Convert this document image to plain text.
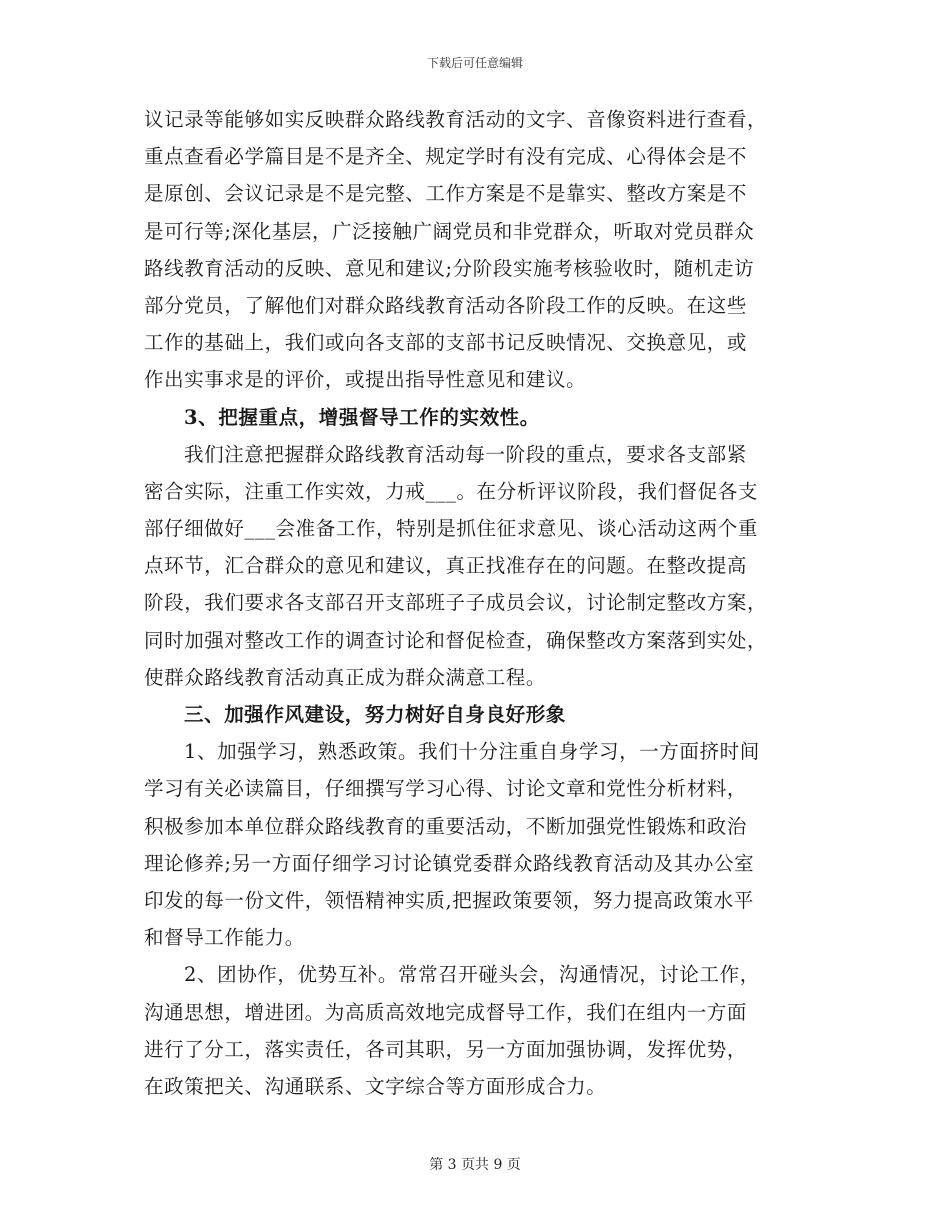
下载后可任意编辑
议记录等能够如实反映群众路线教育活动的文字、音像资料进行查看，
重点查看必学篇目是不是齐全、规定学时有没有完成、心得体会是不
是原创、会议记录是不是完整、工作方案是不是靠实、整改方案是不
是可行等;深化基层，广泛接触广阔党员和非党群众，听取对党员群众
路线教育活动的反映、意见和建议;分阶段实施考核验收时，随机走访
部分党员，了解他们对群众路线教育活动各阶段工作的反映。在这些
工作的基础上，我们或向各支部的支部书记反映情况、交换意见，或
作出实事求是的评价，或提出指导性意见和建议。
3、把握重点，增强督导工作的实效性。
我们注意把握群众路线教育活动每一阶段的重点，要求各支部紧
密合实际，注重工作实效，力戒___。在分析评议阶段，我们督促各支
部仔细做好___会准备工作，特别是抓住征求意见、谈心活动这两个重
点环节，汇合群众的意见和建议，真正找准存在的问题。在整改提高
阶段，我们要求各支部召开支部班子子成员会议，讨论制定整改方案，
同时加强对整改工作的调查讨论和督促检查，确保整改方案落到实处，
使群众路线教育活动真正成为群众满意工程。
三、加强作风建设，努力树好自身良好形象
1、加强学习，熟悉政策。我们十分注重自身学习，一方面挤时间
学习有关必读篇目，仔细撰写学习心得、讨论文章和党性分析材料，
积极参加本单位群众路线教育的重要活动，不断加强党性锻炼和政治
理论修养;另一方面仔细学习讨论镇党委群众路线教育活动及其办公室
印发的每一份文件，领悟精神实质,把握政策要领，努力提高政策水平
和督导工作能力。
2、团协作，优势互补。常常召开碰头会，沟通情况，讨论工作，
沟通思想，增进团。为高质高效地完成督导工作，我们在组内一方面
进行了分工，落实责任，各司其职，另一方面加强协调，发挥优势，
在政策把关、沟通联系、文字综合等方面形成合力。
第 3 页共 9 页
